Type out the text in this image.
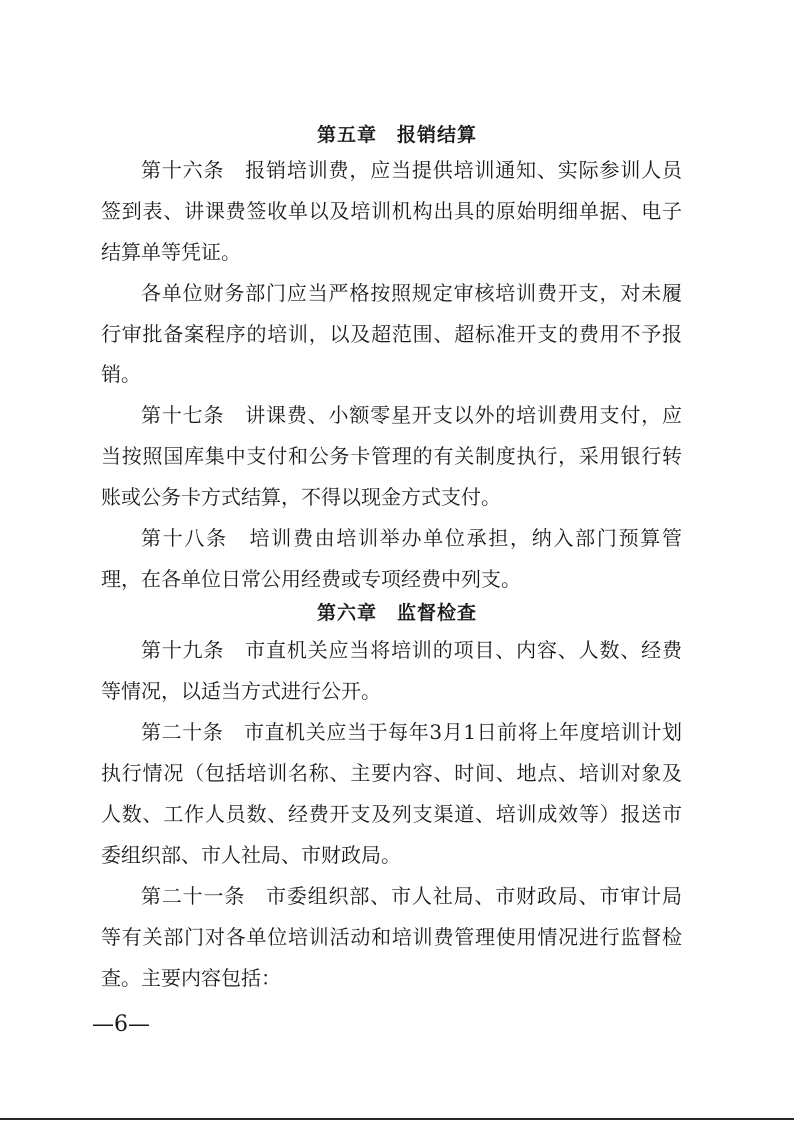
第五章　报销结算
第十六条　报销培训费，应当提供培训通知、实际参训人员
签到表、讲课费签收单以及培训机构出具的原始明细单据、电子
结算单等凭证。
各单位财务部门应当严格按照规定审核培训费开支，对未履
行审批备案程序的培训，以及超范围、超标准开支的费用不予报
销。
第十七条　讲课费、小额零星开支以外的培训费用支付，应
当按照国库集中支付和公务卡管理的有关制度执行，采用银行转
账或公务卡方式结算，不得以现金方式支付。
第十八条　培训费由培训举办单位承担，纳入部门预算管
理，在各单位日常公用经费或专项经费中列支。
第六章　监督检查
第十九条　市直机关应当将培训的项目、内容、人数、经费
等情况，以适当方式进行公开。
第二十条　市直机关应当于每年3月1日前将上年度培训计划
执行情况（包括培训名称、主要内容、时间、地点、培训对象及
人数、工作人员数、经费开支及列支渠道、培训成效等）报送市
委组织部、市人社局、市财政局。
第二十一条　市委组织部、市人社局、市财政局、市审计局
等有关部门对各单位培训活动和培训费管理使用情况进行监督检
查。主要内容包括：
—6—
